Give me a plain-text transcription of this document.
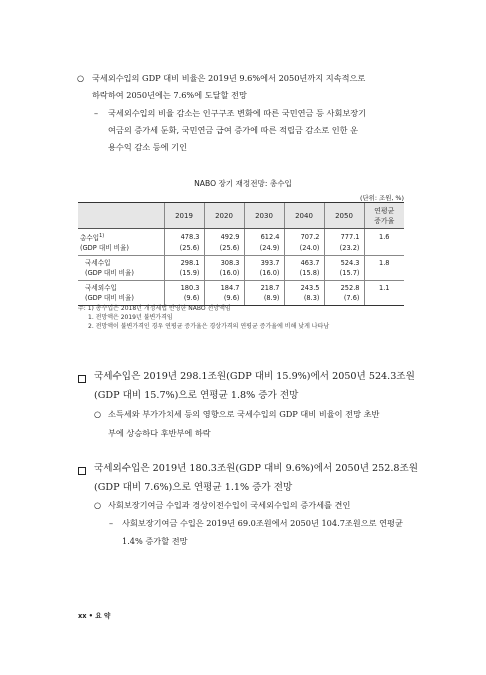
○ 국세외수입의 GDP 대비 비율은 2019년 9.6%에서 2050년까지 지속적으로
하락하여 2050년에는 7.6%에 도달할 전망
– 국세외수입의 비율 감소는 인구구조 변화에 따른 국민연금 등 사회보장기
여금의 증가세 둔화, 국민연금 급여 증가에 따른 적립금 감소로 인한 운
용수익 감소 등에 기인
NABO 장기 재정전망: 총수입
(단위: 조원, %)
	2019	2020	2030	2040	2050	연평균
증가율

총수입$^{1)}$	478.3	492.9	612.4	707.2	777.1	1.6
(GDP 대비 비율)	(25.6)	(25.6)	(24.9)	(24.0)	(23.2)	
국세수입	298.1	308.3	393.7	463.7	524.3	1.8
(GDP 대비 비율)	(15.9)	(16.0)	(16.0)	(15.8)	(15.7)	
국세외수입	180.3	184.7	218.7	243.5	252.8	1.1
(GDP 대비 비율)	(9.6)	(9.6)	(8.9)	(8.3)	(7.6)	
주: 1) 총수입은 2018년 개정세법 반영한 NABO 전망액임
1. 전망액은 2019년 불변가격임
2. 전망액이 불변가격인 경우 연평균 증가율은 경상가격의 연평균 증가율에 비해 낮게 나타남
국세수입은 2019년 298.1조원(GDP 대비 15.9%)에서 2050년 524.3조원
(GDP 대비 15.7%)으로 연평균 1.8% 증가 전망
○ 소득세와 부가가치세 등의 영향으로 국세수입의 GDP 대비 비율이 전망 초반
부에 상승하다 후반부에 하락
국세외수입은 2019년 180.3조원(GDP 대비 9.6%)에서 2050년 252.8조원
(GDP 대비 7.6%)으로 연평균 1.1% 증가 전망
○ 사회보장기여금 수입과 경상이전수입이 국세외수입의 증가세를 견인
– 사회보장기여금 수입은 2019년 69.0조원에서 2050년 104.7조원으로 연평균
1.4% 증가할 전망
xx • 요 약
